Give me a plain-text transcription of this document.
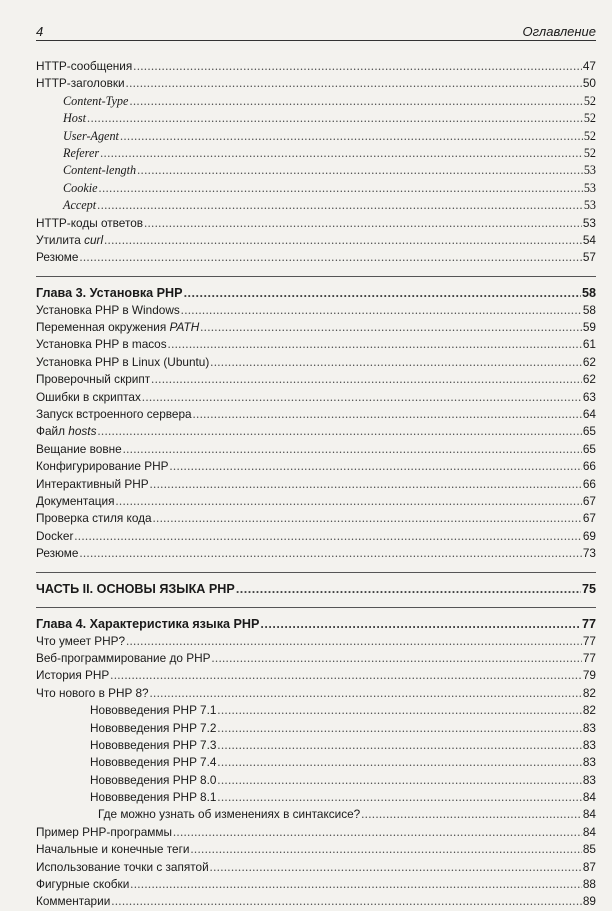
4	Оглавление
HTTP-сообщения .....	47
HTTP-заголовки .....	50
Content-Type .....	52
Host .....	52
User-Agent .....	52
Referer .....	52
Content-length .....	53
Cookie .....	53
Accept .....	53
HTTP-коды ответов .....	53
Утилита curl .....	54
Резюме .....	57
Глава 3. Установка PHP .....	58
Установка PHP в Windows .....	58
Переменная окружения PATH .....	59
Установка PHP в macos .....	61
Установка PHP в Linux (Ubuntu) .....	62
Проверочный скрипт .....	62
Ошибки в скриптах .....	63
Запуск встроенного сервера .....	64
Файл hosts .....	65
Вещание вовне .....	65
Конфигурирование PHP .....	66
Интерактивный PHP .....	66
Документация .....	67
Проверка стиля кода .....	67
Docker .....	69
Резюме .....	73
ЧАСТЬ II. ОСНОВЫ ЯЗЫКА PHP .....	75
Глава 4. Характеристика языка PHP .....	77
Что умеет PHP? .....	77
Веб-программирование до PHP .....	77
История PHP .....	79
Что нового в PHP 8? .....	82
Нововведения PHP 7.1 .....	82
Нововведения PHP 7.2 .....	83
Нововведения PHP 7.3 .....	83
Нововведения PHP 7.4 .....	83
Нововведения PHP 8.0 .....	83
Нововведения PHP 8.1 .....	84
Где можно узнать об изменениях в синтаксисе? .....	84
Пример PHP-программы .....	84
Начальные и конечные теги .....	85
Использование точки с запятой .....	87
Фигурные скобки .....	88
Комментарии .....	89
